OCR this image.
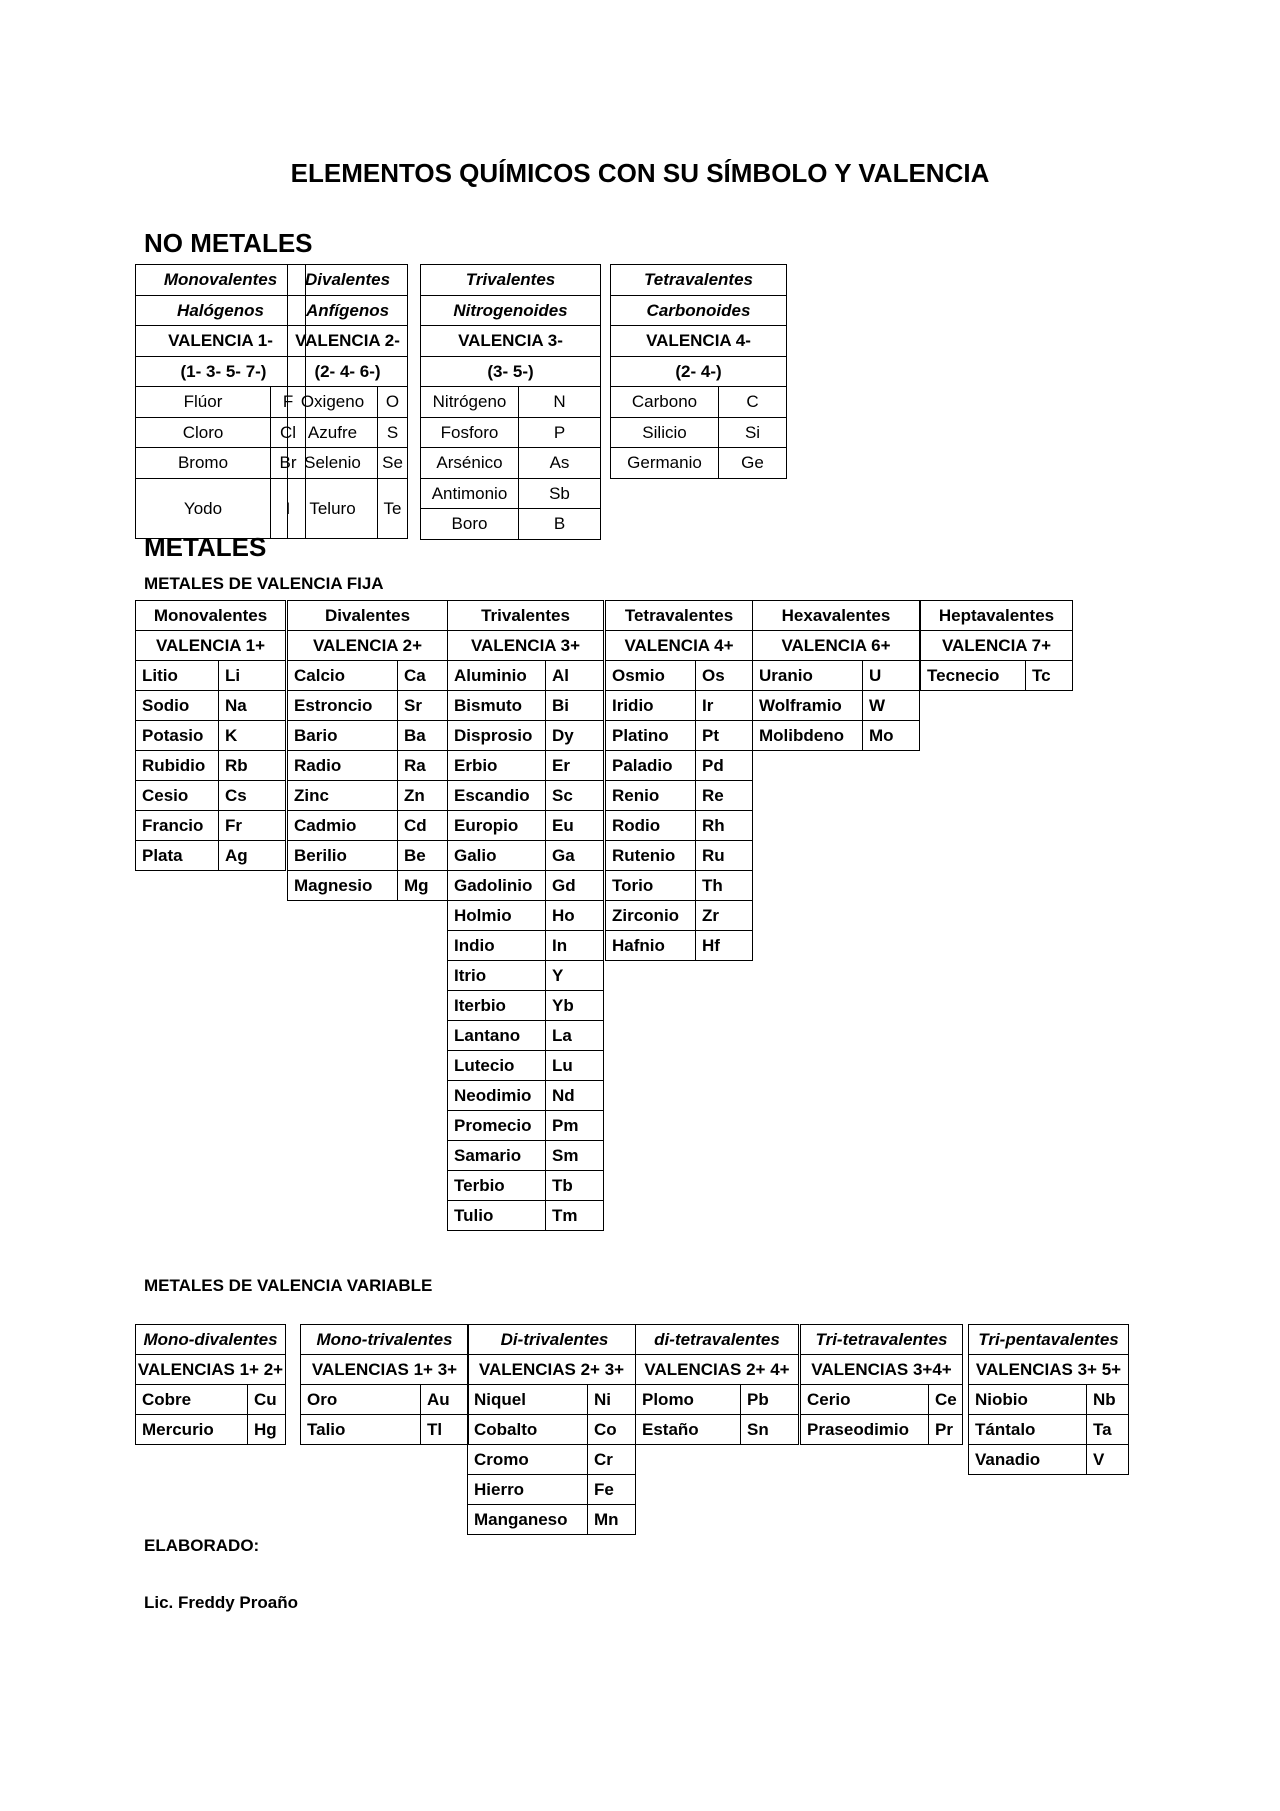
ELEMENTOS QUÍMICOS CON SU SÍMBOLO Y VALENCIA
NO METALES
Monovalentes	
Halógenos	
VALENCIA 1-	
(1- 3- 5- 7-)	
Flúor	F
Cloro	Cl
Bromo	Br
Yodo	I
Divalentes	
Anfígenos	
VALENCIA 2-	
(2- 4- 6-)	
Oxigeno	O
Azufre	S
Selenio	Se
Teluro	Te
Trivalentes	
Nitrogenoides	
VALENCIA 3-	
(3- 5-)	
Nitrógeno	N
Fosforo	P
Arsénico	As
Antimonio	Sb
Boro	B
Tetravalentes	
Carbonoides	
VALENCIA 4-	
(2- 4-)	
Carbono	C
Silicio	Si
Germanio	Ge
METALES
METALES DE VALENCIA FIJA
Monovalentes	
VALENCIA 1+	
Litio	Li
Sodio	Na
Potasio	K
Rubidio	Rb
Cesio	Cs
Francio	Fr
Plata	Ag
Divalentes	
VALENCIA 2+	
Calcio	Ca
Estroncio	Sr
Bario	Ba
Radio	Ra
Zinc	Zn
Cadmio	Cd
Berilio	Be
Magnesio	Mg
Trivalentes	
VALENCIA 3+	
Aluminio	Al
Bismuto	Bi
Disprosio	Dy
Erbio	Er
Escandio	Sc
Europio	Eu
Galio	Ga
Gadolinio	Gd
Holmio	Ho
Indio	In
Itrio	Y
Iterbio	Yb
Lantano	La
Lutecio	Lu
Neodimio	Nd
Promecio	Pm
Samario	Sm
Terbio	Tb
Tulio	Tm
Tetravalentes	
VALENCIA 4+	
Osmio	Os
Iridio	Ir
Platino	Pt
Paladio	Pd
Renio	Re
Rodio	Rh
Rutenio	Ru
Torio	Th
Zirconio	Zr
Hafnio	Hf
Hexavalentes	
VALENCIA 6+	
Uranio	U
Wolframio	W
Molibdeno	Mo
Heptavalentes
VALENCIA 7+
Tecnecio	Tc
METALES DE VALENCIA VARIABLE
Mono-divalentes	
VALENCIAS 1+ 2+	
Cobre	Cu
Mercurio	Hg
Mono-trivalentes	
VALENCIAS 1+ 3+	
Oro	Au
Talio	Tl
Di-trivalentes	
VALENCIAS 2+ 3+	
Niquel	Ni
Cobalto	Co
Cromo	Cr
Hierro	Fe
Manganeso	Mn
di-tetravalentes	
VALENCIAS 2+ 4+	
Plomo	Pb
Estaño	Sn
Tri-tetravalentes	
VALENCIAS 3+4+	
Cerio	Ce
Praseodimio	Pr
Tri-pentavalentes	
VALENCIAS 3+ 5+	
Niobio	Nb
Tántalo	Ta
Vanadio	V
ELABORADO:
Lic. Freddy Proaño
